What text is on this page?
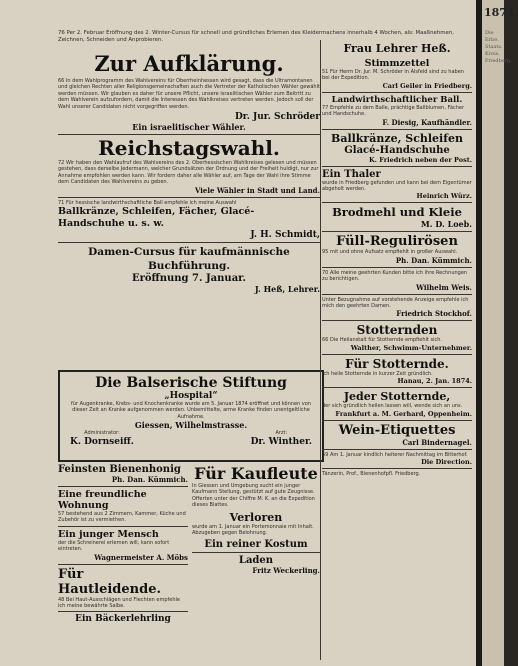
76 Per 2. Februar Eröffnung des 2. Winter-Cursus für schnell und gründliches Erlernen des Kleidermachens innerhalb 4 Wochen, als: Maaßnehmen, Zeichnen, Schneiden und Anprobieren.
Frau Lehrer Heß.
Zur Aufklärung.
66 In dem Wahlprogramm des Wahlvereins für Oberrheinhessen wird gesagt, dass die Ultramontanen und gleichen Rechten aller Religionsgemeinschaften auch die Vertreter der Katholischen Wähler gewählt werden müssen. Wir glauben es daher für unsere Pflicht, unsere israelitischen Wähler zum Beitritt zu dem Wahlverein aufzufordern, damit die Interessen des Wahlkreises vertreten werden. Jedoch soll der Wahl unserer Candidaten nicht vorgegriffen werden.
Dr. Jur. Schröder
Ein israelitischer Wähler.
Reichstagswahl.
72 Wir haben den Wahlaufruf des Wahlvereins des 2. Oberhessischen Wahlkreises gelesen und müssen gestehen, dass derselbe Jedermann, welcher Grundsätzen der Ordnung und der Freiheit huldigt, nur zur Annahme empfohlen werden kann. Wir fordern daher alle Wähler auf, am Tage der Wahl ihre Stimme dem Candidaten des Wahlvereins zu geben.
Viele Wähler in Stadt und Land.
71 Für hessische landwirthschaftliche Ball empfehle ich meine Auswahl
Ballkränze, Schleifen, Fächer, Glacé-Handschuhe u. s. w.
J. H. Schmidt,
Damen-Cursus für kaufmännische Buchführung.
Eröffnung 7. Januar.
J. Heß, Lehrer.
Die Balserische Stiftung
„Hospital“
für Augenkranke, Krebs- und Knochenkranke wurde am 5. Januar 1874 eröffnet und können von dieser Zeit an Kranke aufgenommen werden. Unbemittelte, arme Kranke finden unentgeltliche Aufnahme.
Giessen, Wilhelmstrasse.
Administrator:
K. Dornseiff.
Arzt:
Dr. Winther.
Feinsten Bienenhonig
Ph. Dan. Kümmich.
Eine freundliche Wohnung
57 bestehend aus 2 Zimmern, Kammer, Küche und Zubehör ist zu vermiethen.
Ein junger Mensch
der die Schreinerei erlernen will, kann sofort eintreten.
Wagnermeister A. Möbs
Für Hautleidende.
48 Bei Haut-Ausschlägen und Flechten empfehle ich meine bewährte Salbe.
Ein Bäckerlehrling
Für Kaufleute
In Giessen und Umgebung sucht ein junger Kaufmann Stellung, gestützt auf gute Zeugnisse. Offerten unter der Chiffre M. K. an die Expedition dieses Blattes.
Verloren
wurde am 1. Januar ein Portemonnaie mit Inhalt. Abzugeben gegen Belohnung.
Ein reiner Kostum
Laden
Fritz Weckerling.
Stimmzettel
51 Für Herrn Dr. Jur. M. Schröder in Alsfeld sind zu haben bei der Expedition.
Carl Geiler in Friedberg.
Landwirthschaftlicher Ball.
77 Empfehle zu dem Balle, prächtige Ballblumen, Fächer und Handschuhe.
F. Diesig, Kaufhändler.
Ballkränze, Schleifen
Glacé-Handschuhe
K. Friedrich neben der Post.
Ein Thaler
wurde in Friedberg gefunden und kann bei dem Eigentümer abgeholt werden.
Heinrich Würz.
Brodmehl und Kleie
M. D. Loeb.
Füll-Regulirösen
95 mit und ohne Aufsatz empfiehlt in großer Auswahl.
Ph. Dan. Kümmich.
70 Alle meine geehrten Kunden bitte ich ihre Rechnungen zu berichtigen.
Wilhelm Weis.
Unter Bezugnahme auf vorstehende Anzeige empfehle ich mich den geehrten Damen.
Friedrich Stockhof.
Stotternden
66 Die Heilanstalt für Stotternde empfiehlt sich.
Walther, Schwimm-Unternehmer.
Für Stotternde.
Ich heile Stotternde in kurzer Zeit gründlich.
Hanau, 2. Jan. 1874.
Jeder Stotternde,
der sich gründlich heilen lassen will, wende sich an uns.
Frankfurt a. M. Gerhard, Oppenheim.
Wein-Etiquettes
Carl Bindernagel.
59 Am 1. Januar kindlich heiterer Nachmittag im Bitterhof.
Die Direction.
Tänzerin, Prof., Bienenhofpfl. Friedberg.
1874.
Die Erbe. Staats. Kreis. Friedberg.
